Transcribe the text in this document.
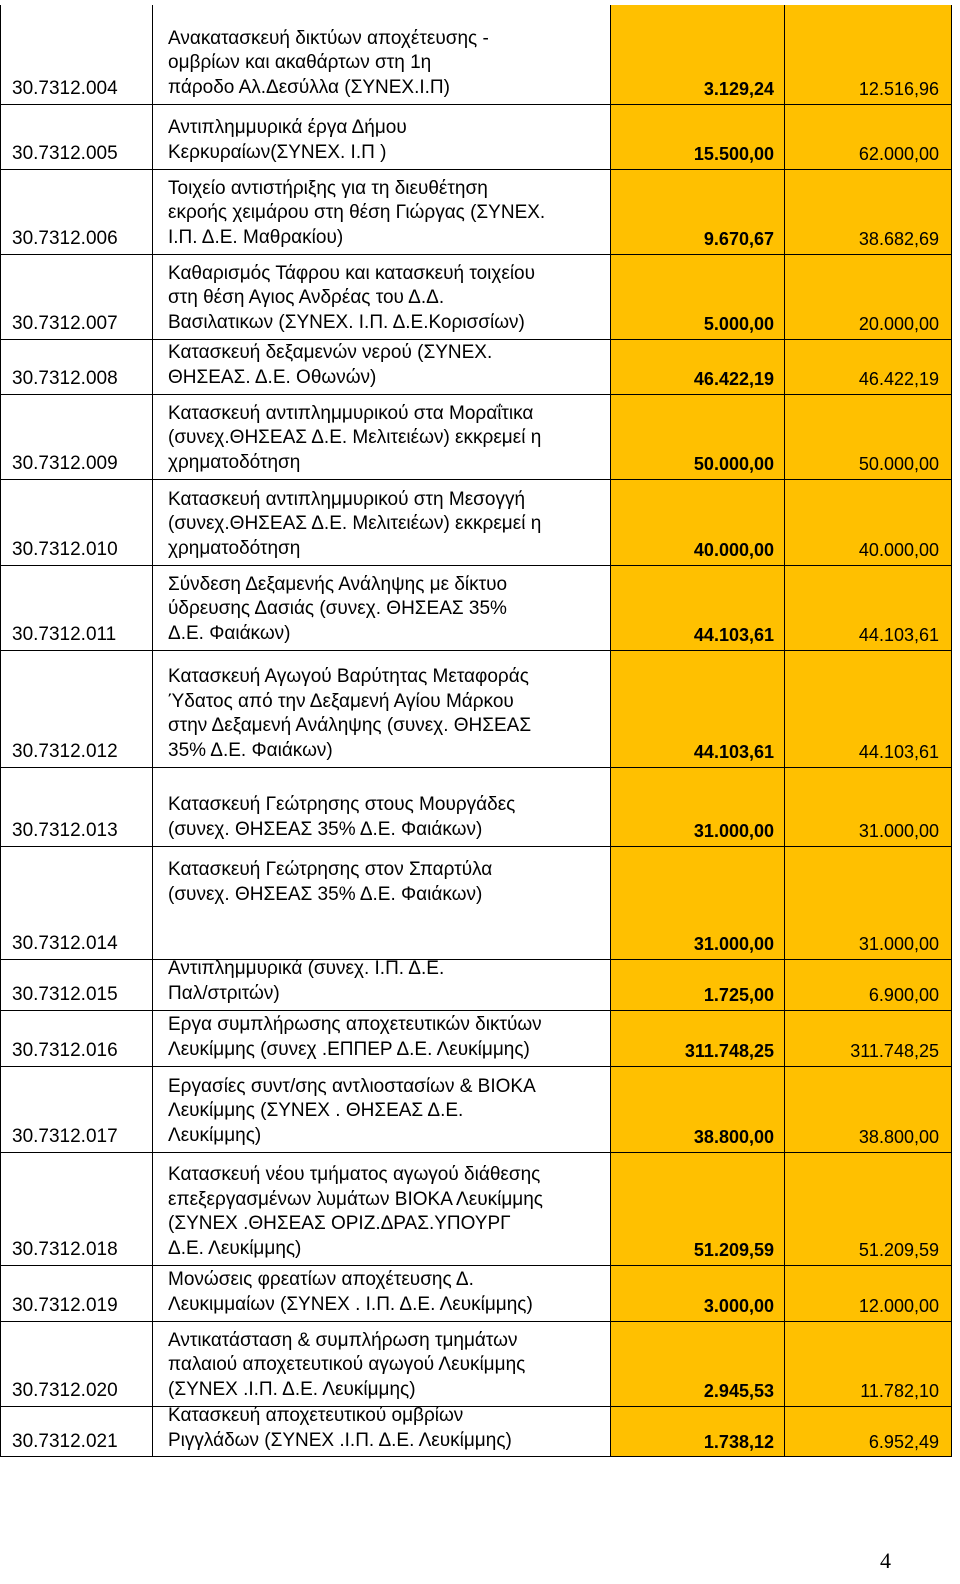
30.7312.004
Ανακατασκευή δικτύων αποχέτευσης -
ομβρίων και ακαθάρτων στη 1η
πάροδο Αλ.Δεσύλλα (ΣΥΝΕΧ.Ι.Π)	3.129,24	12.516,96
30.7312.005
Αντιπλημμυρικά έργα Δήμου
Κερκυραίων(ΣΥΝΕΧ. Ι.Π )	15.500,00	62.000,00
30.7312.006
Τοιχείο αντιστήριξης για τη διευθέτηση
εκροής χειμάρου στη θέση Γιώργας (ΣΥΝΕΧ.
Ι.Π. Δ.Ε. Μαθρακίου)	9.670,67	38.682,69
30.7312.007
Καθαρισμός Τάφρου και κατασκευή τοιχείου
στη θέση Αγιος Ανδρέας του Δ.Δ.
Βασιλατικων (ΣΥΝΕΧ. Ι.Π. Δ.Ε.Κορισσίων)	5.000,00	20.000,00
30.7312.008
Κατασκευή δεξαμενών νερού (ΣΥΝΕΧ.
ΘΗΣΕΑΣ. Δ.Ε. Οθωνών)	46.422,19	46.422,19
30.7312.009
Κατασκευή αντιπλημμυρικού στα Μοραΐτικα
(συνεχ.ΘΗΣΕΑΣ Δ.Ε. Μελιτειέων) εκκρεμεί η
χρηματοδότηση	50.000,00	50.000,00
30.7312.010
Κατασκευή αντιπλημμυρικού στη Μεσογγή
(συνεχ.ΘΗΣΕΑΣ Δ.Ε. Μελιτειέων) εκκρεμεί η
χρηματοδότηση	40.000,00	40.000,00
30.7312.011
Σύνδεση Δεξαμενής Ανάληψης με δίκτυο
ύδρευσης Δασιάς (συνεχ. ΘΗΣΕΑΣ 35%
Δ.Ε. Φαιάκων)	44.103,61	44.103,61
30.7312.012
Κατασκευή Αγωγού Βαρύτητας Μεταφοράς
Ύδατος από την Δεξαμενή Αγίου Μάρκου
στην Δεξαμενή Ανάληψης (συνεχ. ΘΗΣΕΑΣ
35% Δ.Ε. Φαιάκων)	44.103,61	44.103,61
30.7312.013
Κατασκευή Γεώτρησης στους Μουργάδες
(συνεχ. ΘΗΣΕΑΣ 35% Δ.Ε. Φαιάκων)	31.000,00	31.000,00
30.7312.014
Κατασκευή Γεώτρησης στον Σπαρτύλα
(συνεχ. ΘΗΣΕΑΣ 35% Δ.Ε. Φαιάκων)
31.000,00	31.000,00
30.7312.015
Αντιπλημμυρικά (συνεχ. Ι.Π. Δ.Ε.
Παλ/στριτών)	1.725,00	6.900,00
30.7312.016
Εργα συμπλήρωσης αποχετευτικών δικτύων
Λευκίμμης (συνεχ .ΕΠΠΕΡ Δ.Ε. Λευκίμμης)	311.748,25	311.748,25
30.7312.017
Εργασίες συντ/σης αντλιοστασίων & ΒΙΟΚΑ
Λευκίμμης (ΣΥΝΕΧ . ΘΗΣΕΑΣ Δ.Ε.
Λευκίμμης)	38.800,00	38.800,00
30.7312.018
Κατασκευή νέου τμήματος αγωγού διάθεσης
επεξεργασμένων λυμάτων ΒΙΟΚΑ Λευκίμμης
(ΣΥΝΕΧ .ΘΗΣΕΑΣ ΟΡΙΖ.ΔΡΑΣ.ΥΠΟΥΡΓ
Δ.Ε. Λευκίμμης)	51.209,59	51.209,59
30.7312.019
Μονώσεις φρεατίων αποχέτευσης Δ.
Λευκιμμαίων (ΣΥΝΕΧ . Ι.Π. Δ.Ε. Λευκίμμης)	3.000,00	12.000,00
30.7312.020
Αντικατάσταση & συμπλήρωση τμημάτων
παλαιού αποχετευτικού αγωγού Λευκίμμης
(ΣΥΝΕΧ .Ι.Π. Δ.Ε. Λευκίμμης)	2.945,53	11.782,10
30.7312.021
Κατασκευή αποχετευτικού ομβρίων
Ριγγλάδων (ΣΥΝΕΧ .Ι.Π. Δ.Ε. Λευκίμμης)	1.738,12	6.952,49
4
